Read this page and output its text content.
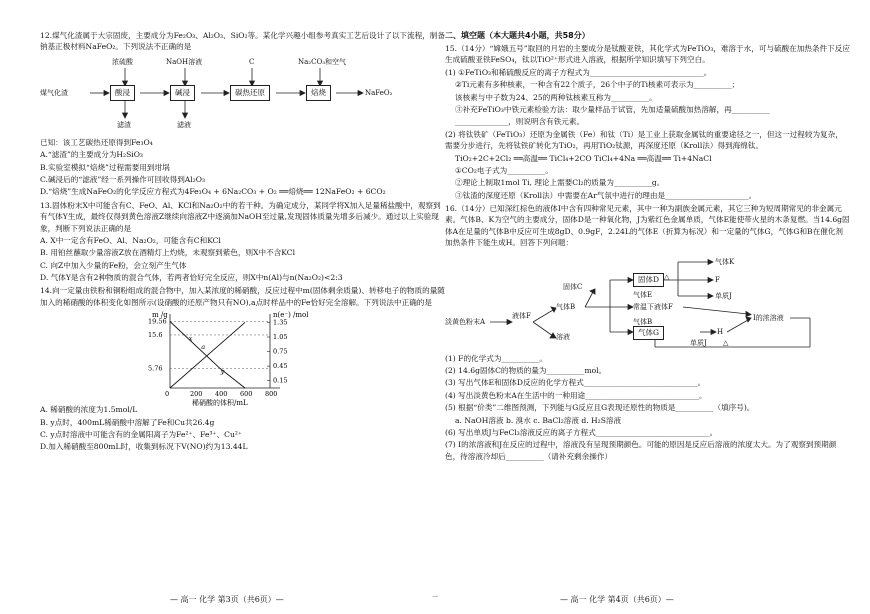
12.煤气化渣属于大宗固废，主要成分为Fe₂O₃、Al₂O₃、SiO₂等。某化学兴趣小组参考真实工艺后设计了以下流程，制备钠基正极材料NaFeO₂。下列说法不正确的是
煤气化渣	酸浸	碱浸	碳热还原	焙烧	NaFeO₂
浓硫酸	NaOH溶液	C	Na₂CO₃和空气
滤渣	滤液
已知：该工艺碳热还原得到Fe₃O₄
A.“滤渣”的主要成分为H₂SiO₃
B.实验室模拟“焙烧”过程需要用到坩埚
C.碱浸后的“滤液”经一系列操作可回收得到Al₂O₃
D.“焙烧”生成NaFeO₂的化学反应方程式为4Fe₃O₄ + 6Na₂CO₃ + O₂ ══焙烧══ 12NaFeO₂ + 6CO₂
13.固体粉末X中可能含有C、FeO、Al、KCl和Na₂O₂中的若干种。为确定成分，某同学将X加入足量稀盐酸中，观察到有气体Y生成，最终仅得到黄色溶液Z继续向溶液Z中逐滴加NaOH至过量,发现固体质量先增多后减少。通过以上实验现象，判断下列说法正确的是
A. X中一定含有FeO、Al、Na₂O₂，可能含有C和KCl
B. 用铂丝蘸取少量溶液Z放在酒精灯上灼烧，未观察到紫色，则X中不含KCl
C. 向Z中加入少量的Fe粉，会立刻产生气体
D. 气体Y是含有2种物质的混合气体，若两者恰好完全反应，则X中n(Al)与n(Na₂O₂)<2:3
14.向一定量由铁粉和铜粉组成的混合物中，加入某浓度的稀硝酸，反应过程中m(固体剩余质量)、转移电子的物质的量随加入的稀硝酸的体积变化如图所示(设硝酸的还原产物只有NO),a点时样品中的Fe恰好完全溶解。下列说法中正确的是
m /g	n(e⁻) /mol
稀硝酸的体积/mL
0	200 400 600 800
5.76
15.6
19.56
0.15
0.45
0.75
1.05
1.35
x
a
y
A. 稀硝酸的浓度为1.5mol/L
B. y点时，400mL稀硝酸中溶解了Fe和Cu共26.4g
C. y点时溶液中可能含有的金属阳离子为Fe²⁺、Fe³⁺、Cu²⁺
D.加入稀硝酸至800mL时，收集到标况下V(NO)约为13.44L
— 高一 化学 第3页（共6页）—
二、填空题（本大题共4小题，共58分）
15.（14分）“嫦娥五号”取回的月岩的主要成分是钛酸亚铁，其化学式为FeTiO₃，难溶于水，可与硫酸在加热条件下反应生成硫酸亚铁FeSO₄，钛以TiO²⁺形式进入溶液，根据所学知识填写下列空白。
(1) ①FeTiO₃和稀硫酸反应的离子方程式为______________________________。
②Ti元素有多种核素，一种含有22个质子，26个中子的Ti核素可表示为__________；
该核素与中子数为24、25的两种钛核素互称为__________。
③补充FeTiO₃中铁元素检验方法：取少量样品于试管，先加适量硫酸加热溶解，再__________
______________，则说明含有铁元素。
(2) 将钛铁矿（FeTiO₃）还原为金属铁（Fe）和钛（Ti）是工业上获取金属钛的重要途径之一，但这一过程较为复杂，需要分步进行，先将钛铁矿转化为TiO₂，再用TiO₂钛源，再深度还原（Kroll法）得到海绵钛。
TiO₂+2C+2Cl₂ ══高温══ TiCl₄+2CO TiCl₄+4Na ══高温══ Ti+4NaCl
①CO₂电子式为__________。
②理论上制取1mol Ti, 理论上需要Cl₂的质量为__________g。
③钛渣的深度还原（Kroll法）中需要在Ar气氛中进行的理由是______________________。
16.（14分）已知深红棕色的液体I中含有四种常见元素，其中一种为副族金属元素，其它三种为短周期常见的非金属元素。气体B、K为空气的主要成分，固体D是一种氧化物，J为紫红色金属单质，气体E能使带火星的木条复燃。当14.6g固体A在足量的气体B中反应可生成8gD、0.9gF，2.24L的气体E（折算为标况）和一定量的气体G，气体G和B在催化剂加热条件下能生成H。回答下列问题：
淡黄色粉末A
液体F
气体B
溶液
固体C
固体D △
气体E
气体K
F
单质J
常温下液体F
气体B
气体G	H
I的浓溶液
单质J △
(1) F的化学式为__________。
(2) 14.6g固体C的物质的量为__________mol。
(3) 写出气体E和固体D反应的化学方程式______________________________。
(4) 写出淡黄色粉末A在生活中的一种用途______________________________。
(5) 根据“价类”二维图预测，下列能与G反应且G表现还原性的物质是__________（填序号)。
a. NaOH溶液 b. 溴水 c. BaCl₂溶液 d. H₂S溶液
(6) 写出单质J与FeCl₃溶液反应的离子方程式______________________________。
(7) I的浓溶液和J在反应的过程中，溶液没有呈现预期颜色。可能的原因是反应后溶液的浓度太大。为了观察到预期颜色，待溶液冷却后__________（请补充剩余操作）
— 高一 化学 第4页（共6页）—
一
